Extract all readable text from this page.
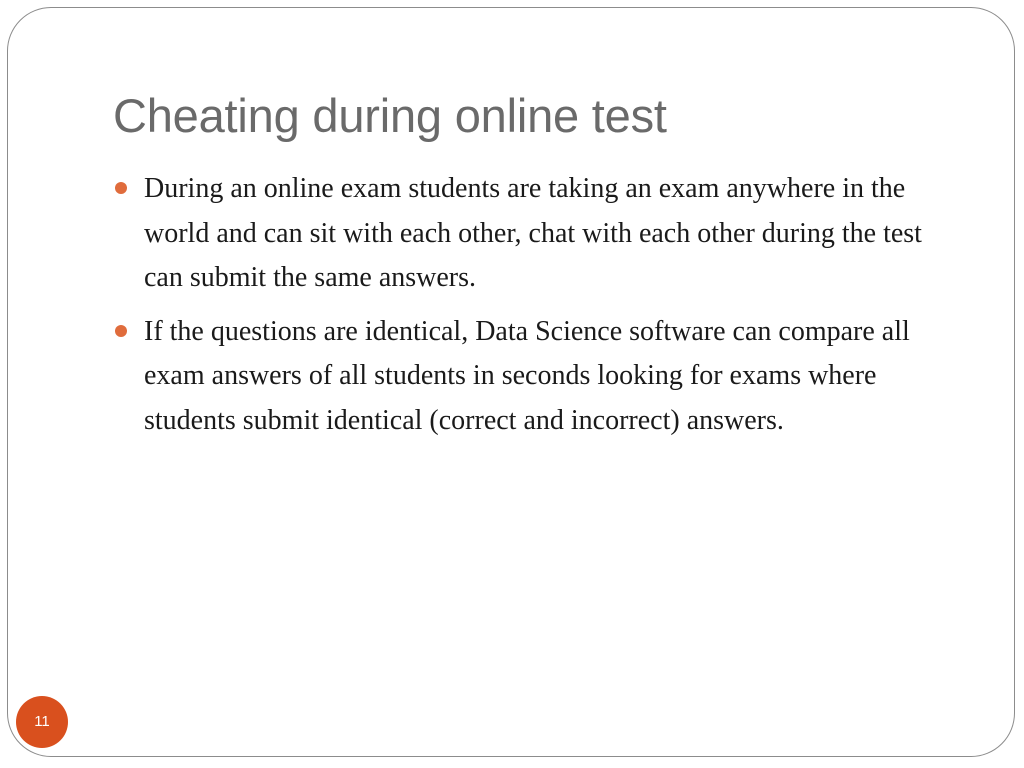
Cheating during online test
During an online exam students are taking an exam anywhere in the world and can sit with each other, chat with each other during the test can submit the same answers.
If the questions are identical, Data Science software can compare all exam answers of all students in seconds looking for exams where students submit identical (correct and incorrect) answers.
11
